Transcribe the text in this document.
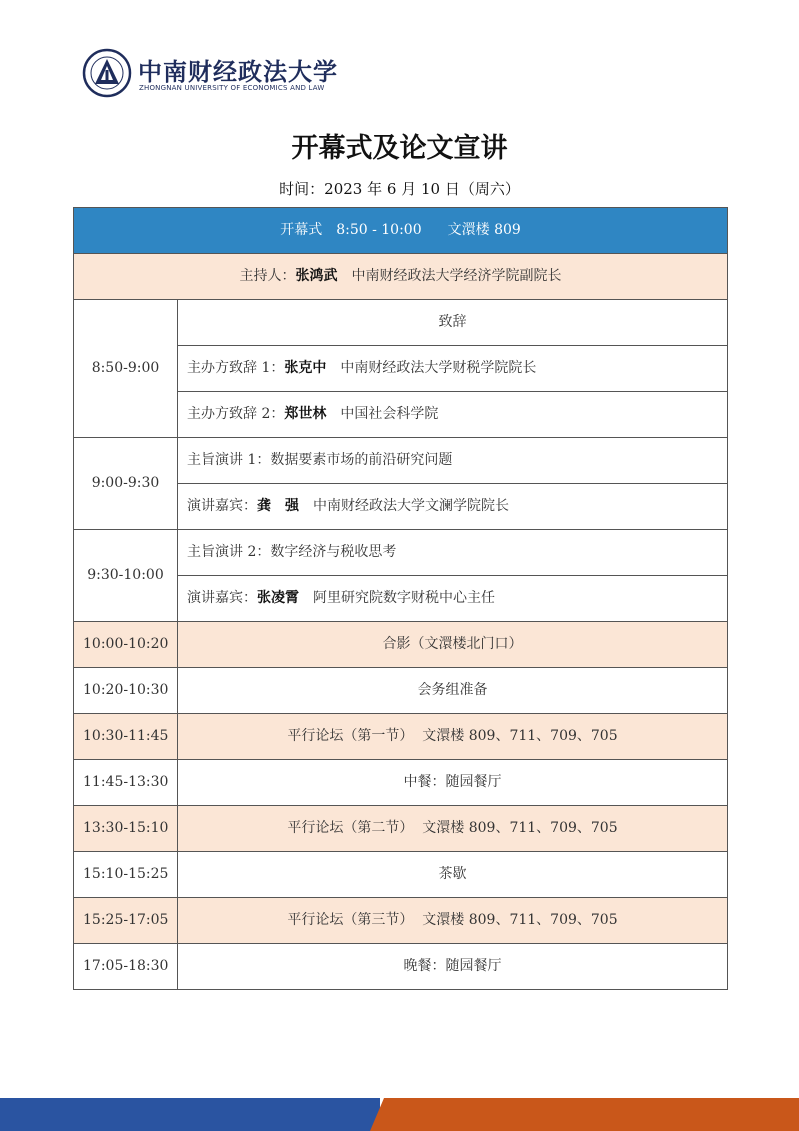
中南财经政法大学
ZHONGNAN UNIVERSITY OF ECONOMICS AND LAW
开幕式及论文宣讲
时间：2023 年 6 月 10 日（周六）
开幕式 8:50 - 10:00 文澴楼 809	
主持人：张鸿武 中南财经政法大学经济学院副院长	
8:50-9:00	致辞
	主办方致辞 1：张克中 中南财经政法大学财税学院院长
	主办方致辞 2：郑世林 中国社会科学院
9:00-9:30	主旨演讲 1：数据要素市场的前沿研究问题
	演讲嘉宾：龚　强 中南财经政法大学文澜学院院长
9:30-10:00	主旨演讲 2：数字经济与税收思考
	演讲嘉宾：张凌霄 阿里研究院数字财税中心主任
10:00-10:20	合影（文澴楼北门口）
10:20-10:30	会务组准备
10:30-11:45	平行论坛（第一节）  文澴楼 809、711、709、705
11:45-13:30	中餐：随园餐厅
13:30-15:10	平行论坛（第二节）  文澴楼 809、711、709、705
15:10-15:25	茶歇
15:25-17:05	平行论坛（第三节）  文澴楼 809、711、709、705
17:05-18:30	晚餐：随园餐厅
